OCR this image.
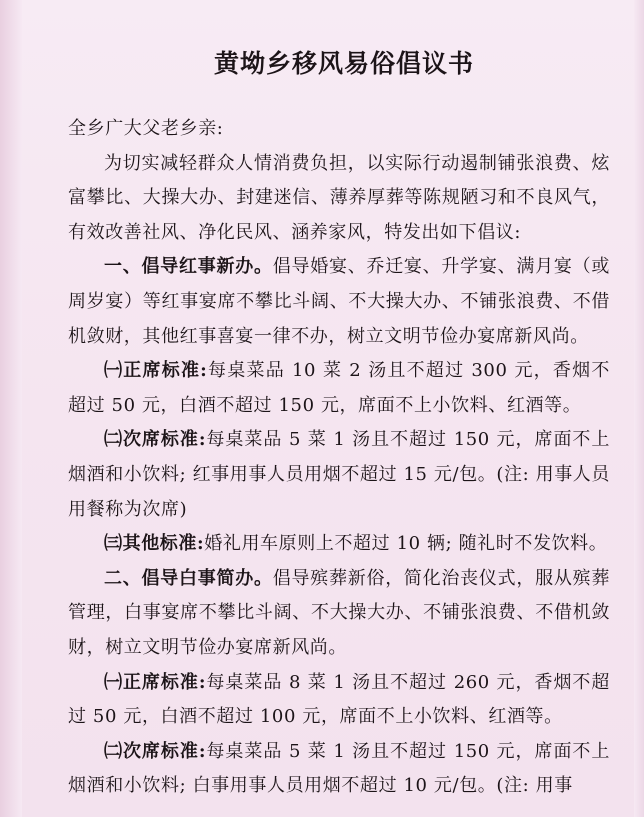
黄坳乡移风易俗倡议书

全乡广大父老乡亲:

为切实减轻群众人情消费负担，以实际行动遏制铺张浪费、炫富攀比、大操大办、封建迷信、薄养厚葬等陈规陋习和不良风气，有效改善社风、净化民风、涵养家风，特发出如下倡议:

一、倡导红事新办。倡导婚宴、乔迁宴、升学宴、满月宴（或周岁宴）等红事宴席不攀比斗阔、不大操大办、不铺张浪费、不借机敛财，其他红事喜宴一律不办，树立文明节俭办宴席新风尚。

㈠正席标准:每桌菜品 10 菜 2 汤且不超过 300 元，香烟不超过 50 元，白酒不超过 150 元，席面不上小饮料、红酒等。

㈡次席标准:每桌菜品 5 菜 1 汤且不超过 150 元，席面不上烟酒和小饮料; 红事用事人员用烟不超过 15 元/包。(注: 用事人员用餐称为次席)

㈢其他标准:婚礼用车原则上不超过 10 辆; 随礼时不发饮料。

二、倡导白事简办。倡导殡葬新俗，简化治丧仪式，服从殡葬管理，白事宴席不攀比斗阔、不大操大办、不铺张浪费、不借机敛财，树立文明节俭办宴席新风尚。

㈠正席标准:每桌菜品 8 菜 1 汤且不超过 260 元，香烟不超过 50 元，白酒不超过 100 元，席面不上小饮料、红酒等。

㈡次席标准:每桌菜品 5 菜 1 汤且不超过 150 元，席面不上烟酒和小饮料; 白事用事人员用烟不超过 10 元/包。(注: 用事
